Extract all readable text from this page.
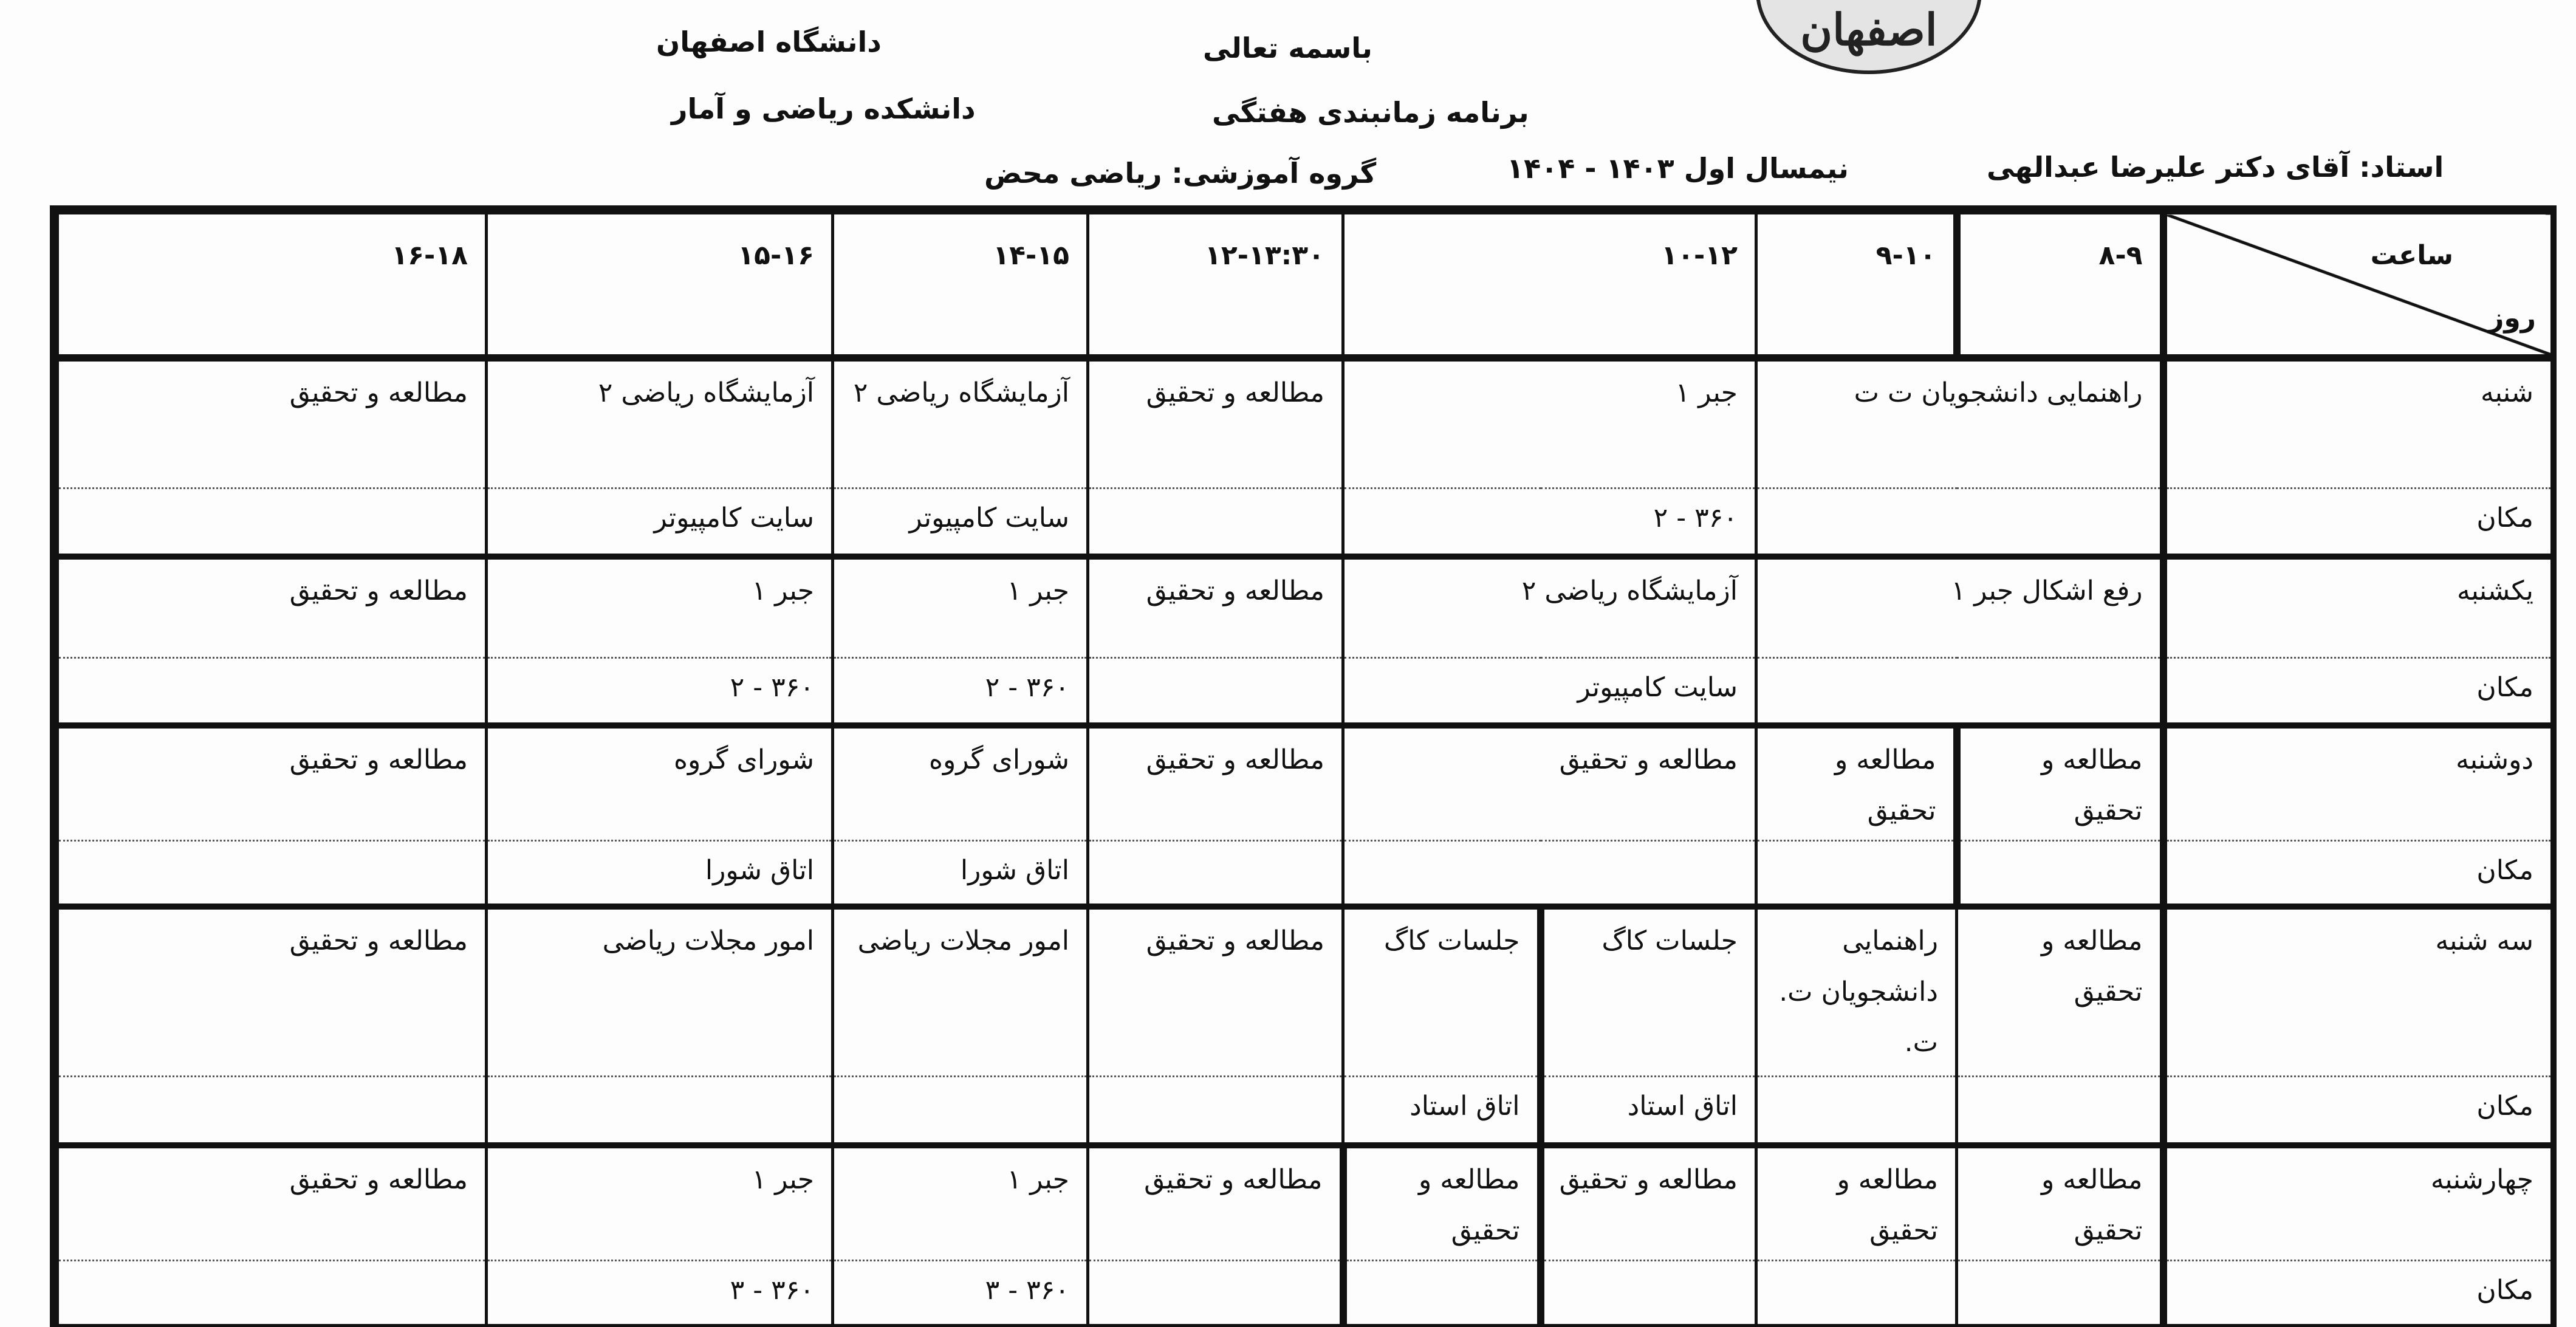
اصفهان
باسمه تعالی
دانشگاه اصفهان
برنامه زمانبندی هفتگی
دانشکده ریاضی و آمار
استاد: آقای دکتر علیرضا عبدالهی
نیمسال اول ۱۴۰۳ - ۱۴۰۴
گروه آموزشی: ریاضی محض
ساعت
روز	۸-۹	۹-۱۰	۱۰-۱۲		۱۲-۱۳:۳۰	۱۴-۱۵	۱۵-۱۶	۱۶-۱۸
شنبه	راهنمایی دانشجویان ت ت		جبر ۱		مطالعه و تحقیق	آزمایشگاه ریاضی ۲	آزمایشگاه ریاضی ۲	مطالعه و تحقیق
مکان			۳۶۰ - ۲			سایت کامپیوتر	سایت کامپیوتر	
یکشنبه	رفع اشکال جبر ۱		آزمایشگاه ریاضی ۲		مطالعه و تحقیق	جبر ۱	جبر ۱	مطالعه و تحقیق
مکان			سایت کامپیوتر			۳۶۰ - ۲	۳۶۰ - ۲	
دوشنبه	مطالعه و تحقیق	مطالعه و تحقیق	مطالعه و تحقیق		مطالعه و تحقیق	شورای گروه	شورای گروه	مطالعه و تحقیق
مکان						اتاق شورا	اتاق شورا	
سه شنبه	مطالعه و تحقیق	راهنمایی دانشجویان ت. ت.	جلسات کاگ	جلسات کاگ	مطالعه و تحقیق	امور مجلات ریاضی	امور مجلات ریاضی	مطالعه و تحقیق
مکان			اتاق استاد	اتاق استاد				
چهارشنبه	مطالعه و تحقیق	مطالعه و تحقیق	مطالعه و تحقیق	مطالعه و تحقیق	مطالعه و تحقیق	جبر ۱	جبر ۱	مطالعه و تحقیق
مکان						۳۶۰ - ۳	۳۶۰ - ۳	
